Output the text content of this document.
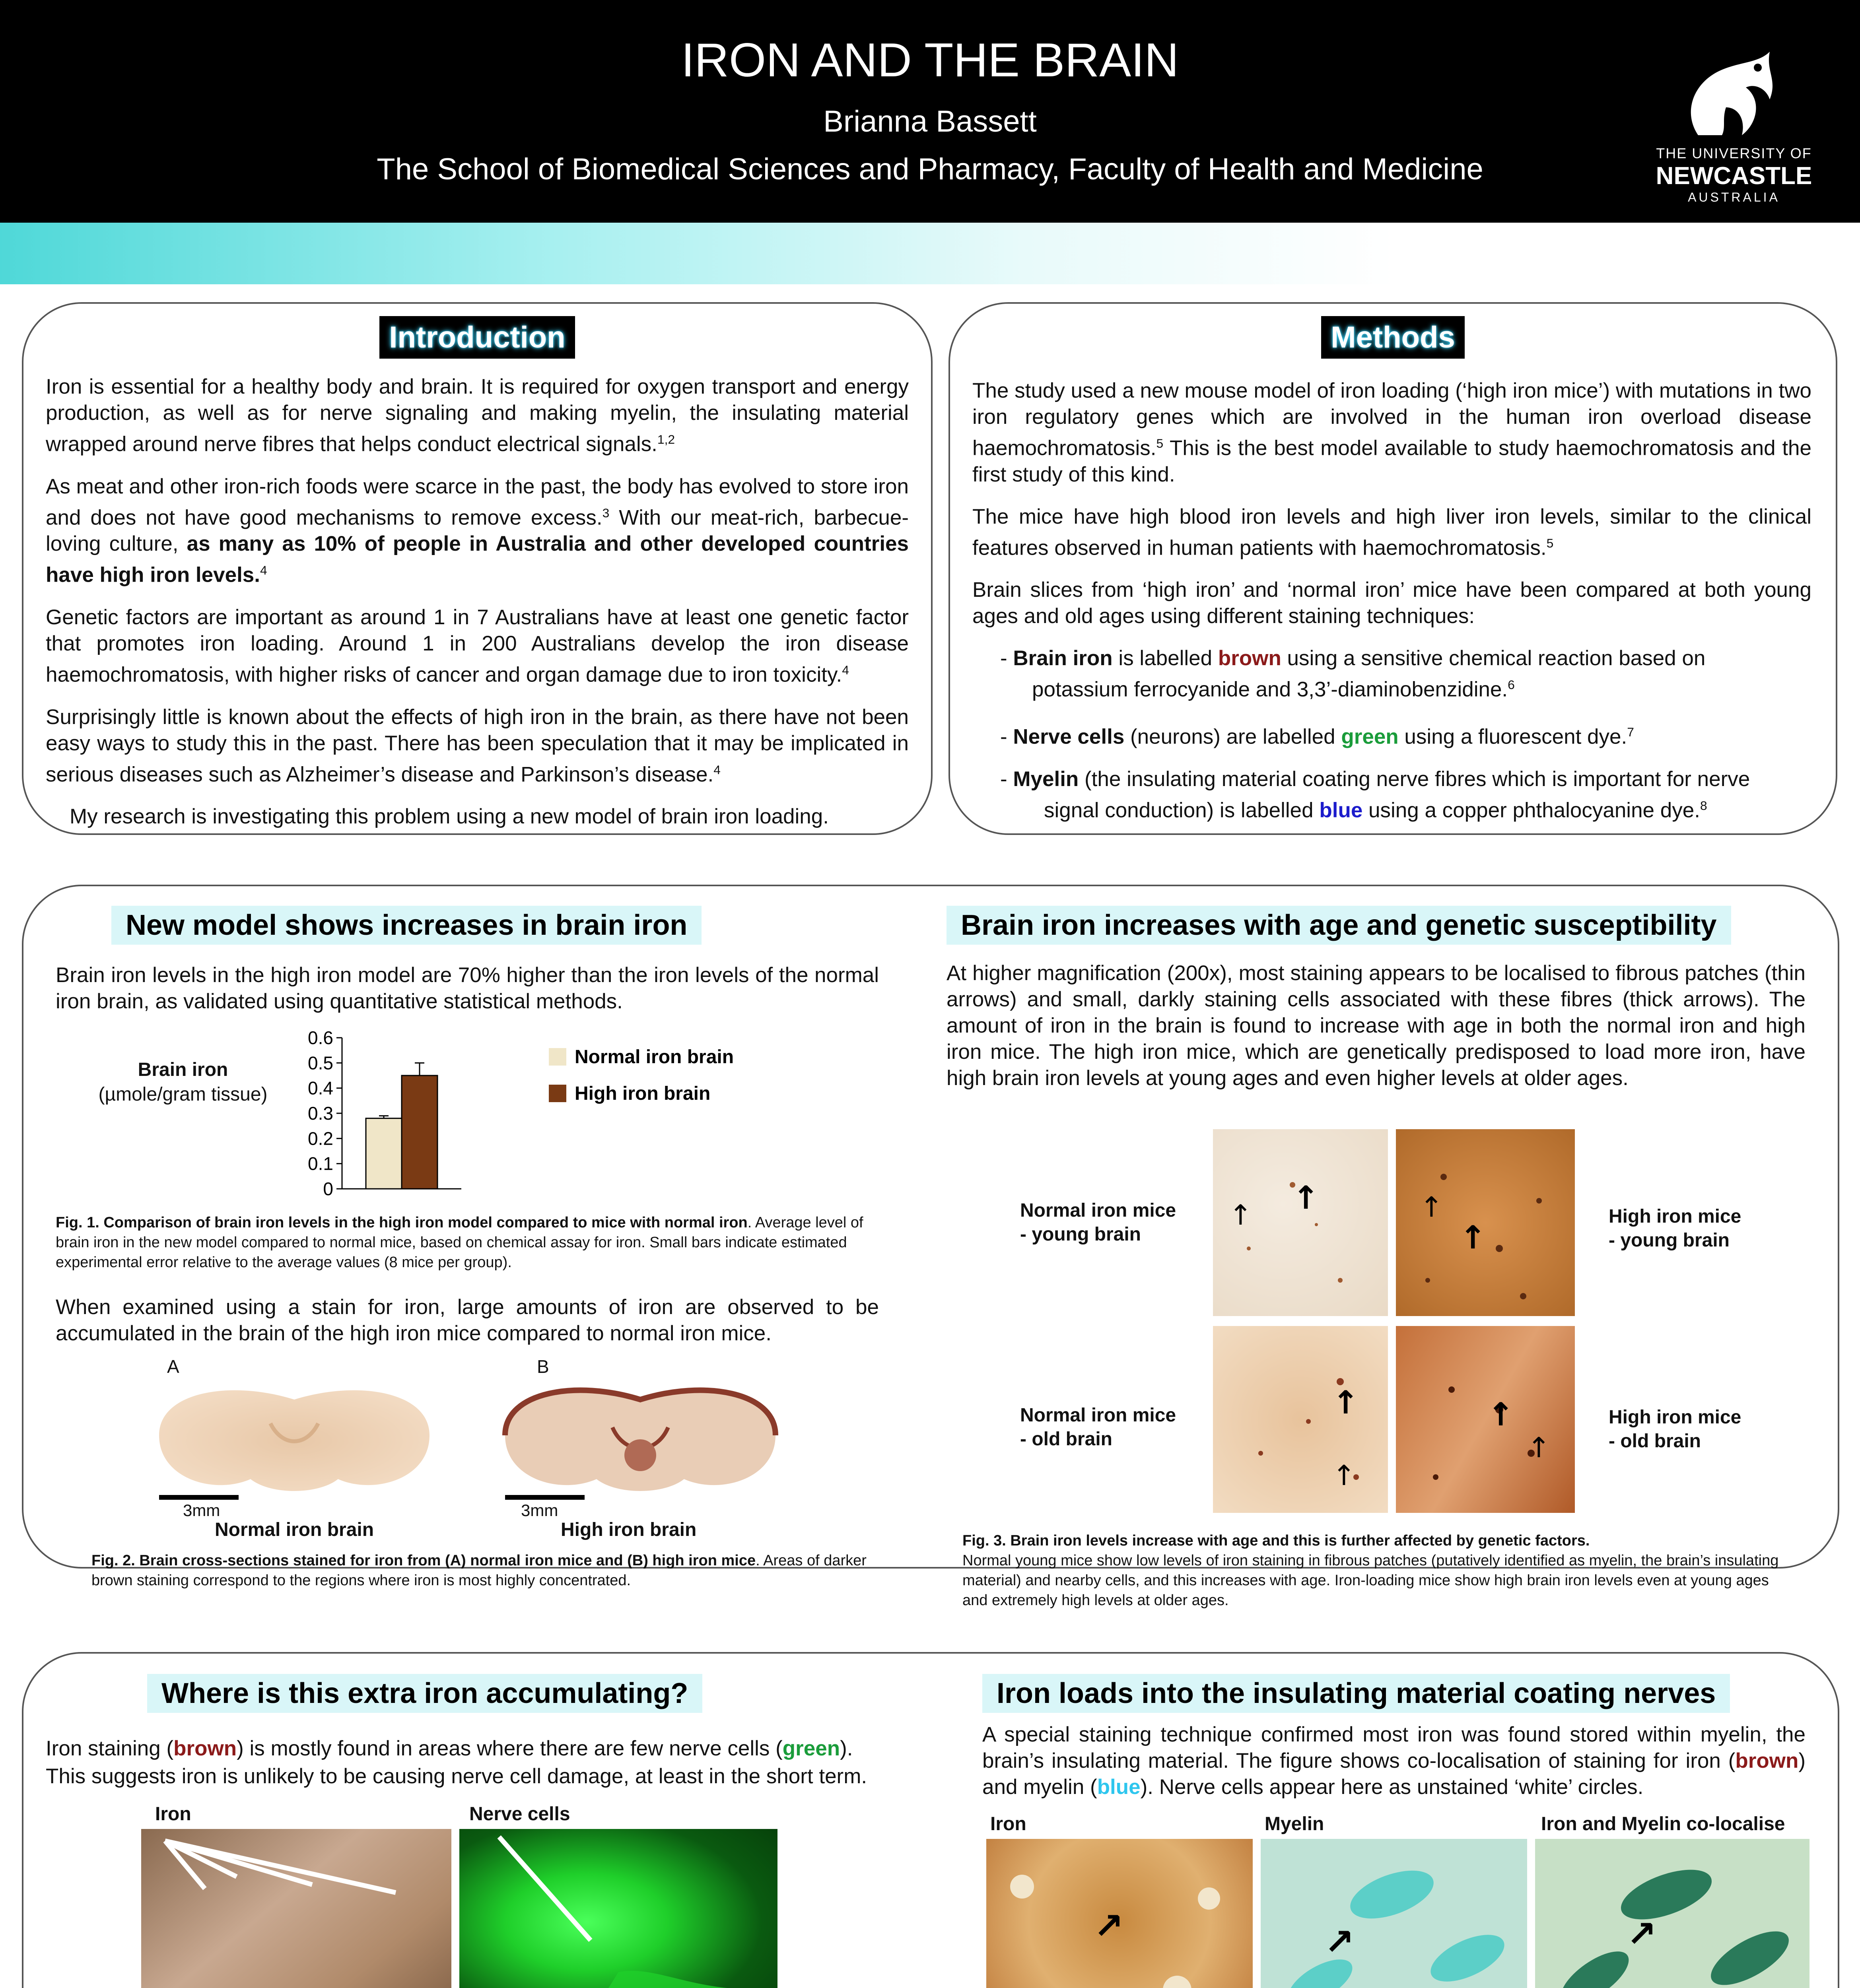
IRON AND THE BRAIN
Brianna Bassett
The School of Biomedical Sciences and Pharmacy, Faculty of Health and Medicine	THE UNIVERSITY OF
NEWCASTLE
AUSTRALIA
Introduction
Iron is essential for a healthy body and brain. It is required for oxygen transport and energy production, as well as for nerve signaling and making myelin, the insulating material wrapped around nerve fibres that helps conduct electrical signals.$^{1,2}$
As meat and other iron-rich foods were scarce in the past, the body has evolved to store iron and does not have good mechanisms to remove excess.$^3$ With our meat-rich, barbecue-loving culture, as many as 10% of people in Australia and other developed countries have high iron levels.$^4$
Genetic factors are important as around 1 in 7 Australians have at least one genetic factor that promotes iron loading. Around 1 in 200 Australians develop the iron disease haemochromatosis, with higher risks of cancer and organ damage due to iron toxicity.$^4$
Surprisingly little is known about the effects of high iron in the brain, as there have not been easy ways to study this in the past. There has been speculation that it may be implicated in serious diseases such as Alzheimer’s disease and Parkinson’s disease.$^4$
My research is investigating this problem using a new model of brain iron loading.
Methods
The study used a new mouse model of iron loading (‘high iron mice’) with mutations in two iron regulatory genes which are involved in the human iron overload disease haemochromatosis.$^5$ This is the best model available to study haemochromatosis and the first study of this kind.
The mice have high blood iron levels and high liver iron levels, similar to the clinical features observed in human patients with haemochromatosis.$^5$
Brain slices from ‘high iron’ and ‘normal iron’ mice have been compared at both young ages and old ages using different staining techniques:
- Brain iron is labelled brown using a sensitive chemical reaction based on
potassium ferrocyanide and 3,3’-diaminobenzidine.$^6$
- Nerve cells (neurons) are labelled green using a fluorescent dye.$^7$
- Myelin (the insulating material coating nerve fibres which is important for nerve
signal conduction) is labelled blue using a copper phthalocyanine dye.$^8$
New model shows increases in brain iron
Brain iron levels in the high iron model are 70% higher than the iron levels of the normal iron brain, as validated using quantitative statistical methods.
Brain iron
(µmole/gram tissue)
0
0.1
0.2
0.3
0.4
0.5
0.6
Normal iron brain
High iron brain
Fig. 1. Comparison of brain iron levels in the high iron model compared to mice with normal iron. Average level of brain iron in the new model compared to normal mice, based on chemical assay for iron. Small bars indicate estimated experimental error relative to the average values (8 mice per group).
When examined using a stain for iron, large amounts of iron are observed to be accumulated in the brain of the high iron mice compared to normal iron mice.
A	B
3mm	3mm
Normal iron brain	High iron brain
Fig. 2. Brain cross-sections stained for iron from (A) normal iron mice and (B) high iron mice. Areas of darker brown staining correspond to the regions where iron is most highly concentrated.
Brain iron increases with age and genetic susceptibility
At higher magnification (200x), most staining appears to be localised to fibrous patches (thin arrows) and small, darkly staining cells associated with these fibres (thick arrows). The amount of iron in the brain is found to increase with age in both the normal iron and high iron mice. The high iron mice, which are genetically predisposed to load more iron, have high brain iron levels at young ages and even higher levels at older ages.
↑ ↑	↑
↑
↑
↑
↑
↑
Normal iron mice
- young brain
High iron mice
- young brain
Normal iron mice
- old brain
High iron mice
- old brain
Fig. 3. Brain iron levels increase with age and this is further affected by genetic factors.
Normal young mice show low levels of iron staining in fibrous patches (putatively identified as myelin, the brain’s insulating material) and nearby cells, and this increases with age. Iron-loading mice show high brain iron levels even at young ages and extremely high levels at older ages.
Where is this extra iron accumulating?
Iron staining (brown) is mostly found in areas where there are few nerve cells (green).
This suggests iron is unlikely to be causing nerve cell damage, at least in the short term.
Iron	Nerve cells
Iron loads into the insulating material coating nerves
A special staining technique confirmed most iron was found stored within myelin, the brain’s insulating material. The figure shows co-localisation of staining for iron (brown) and myelin (blue). Nerve cells appear here as unstained ‘white’ circles.
Iron	Myelin	Iron and Myelin co-localise
↗	↗	↗
